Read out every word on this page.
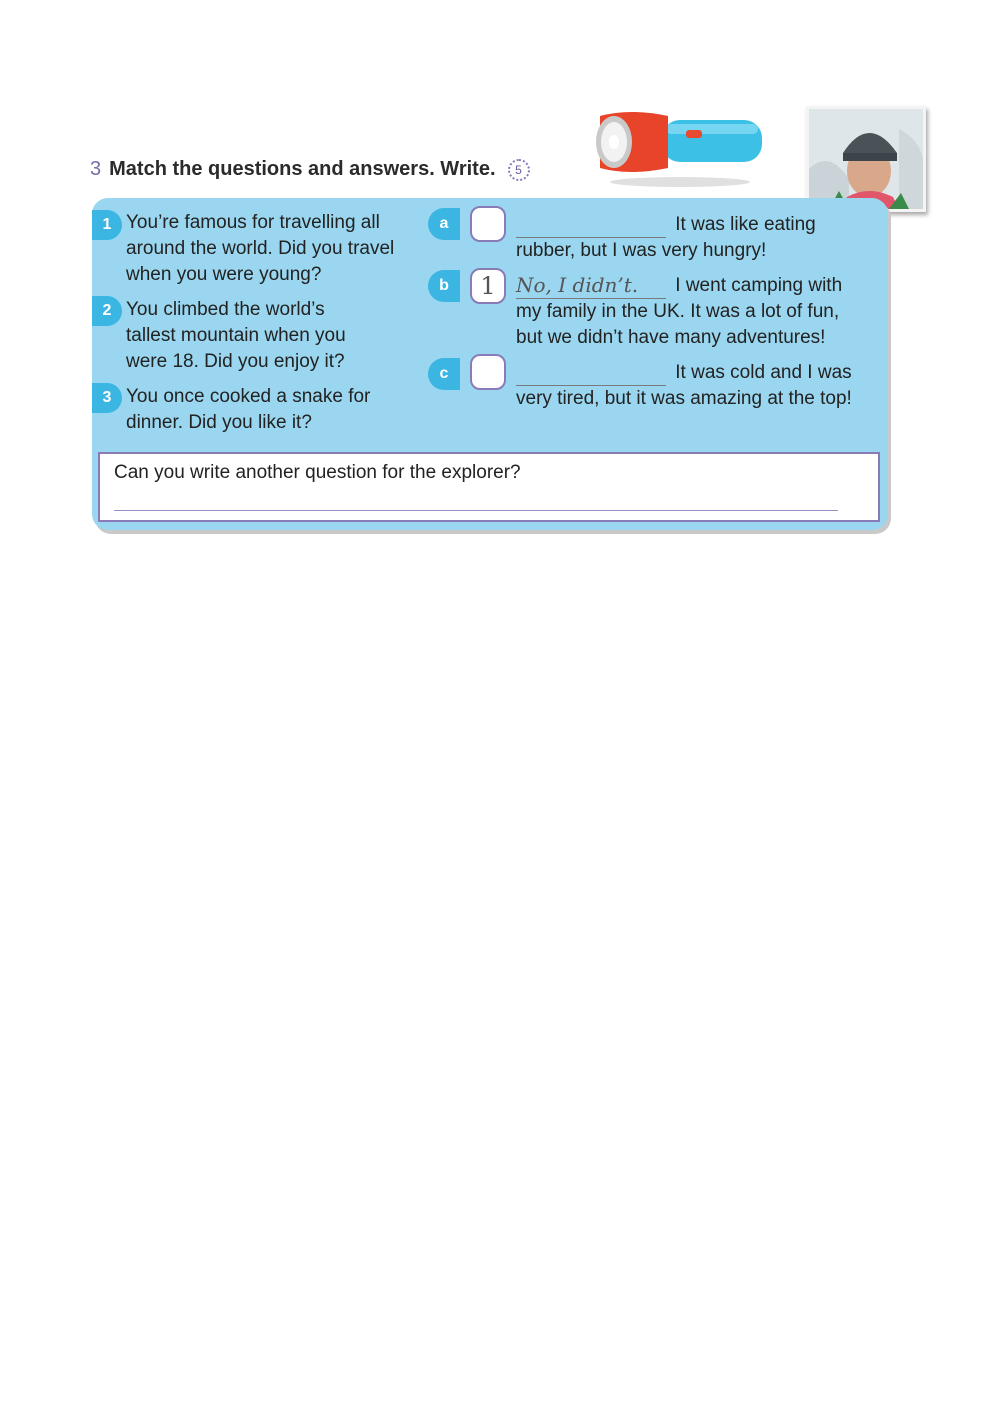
3 Match the questions and answers. Write.	5
1 You’re famous for travelling all around the world. Did you travel when you were young?
2 You climbed the world’s tallest mountain when you were 18. Did you enjoy it?
3 You once cooked a snake for dinner. Did you like it?
a	It was like eating rubber, but I was very hungry!
b	1	No, I didn’t. I went camping with my family in the UK. It was a lot of fun, but we didn’t have many adventures!
c	It was cold and I was very tired, but it was amazing at the top!
Can you write another question for the explorer?
